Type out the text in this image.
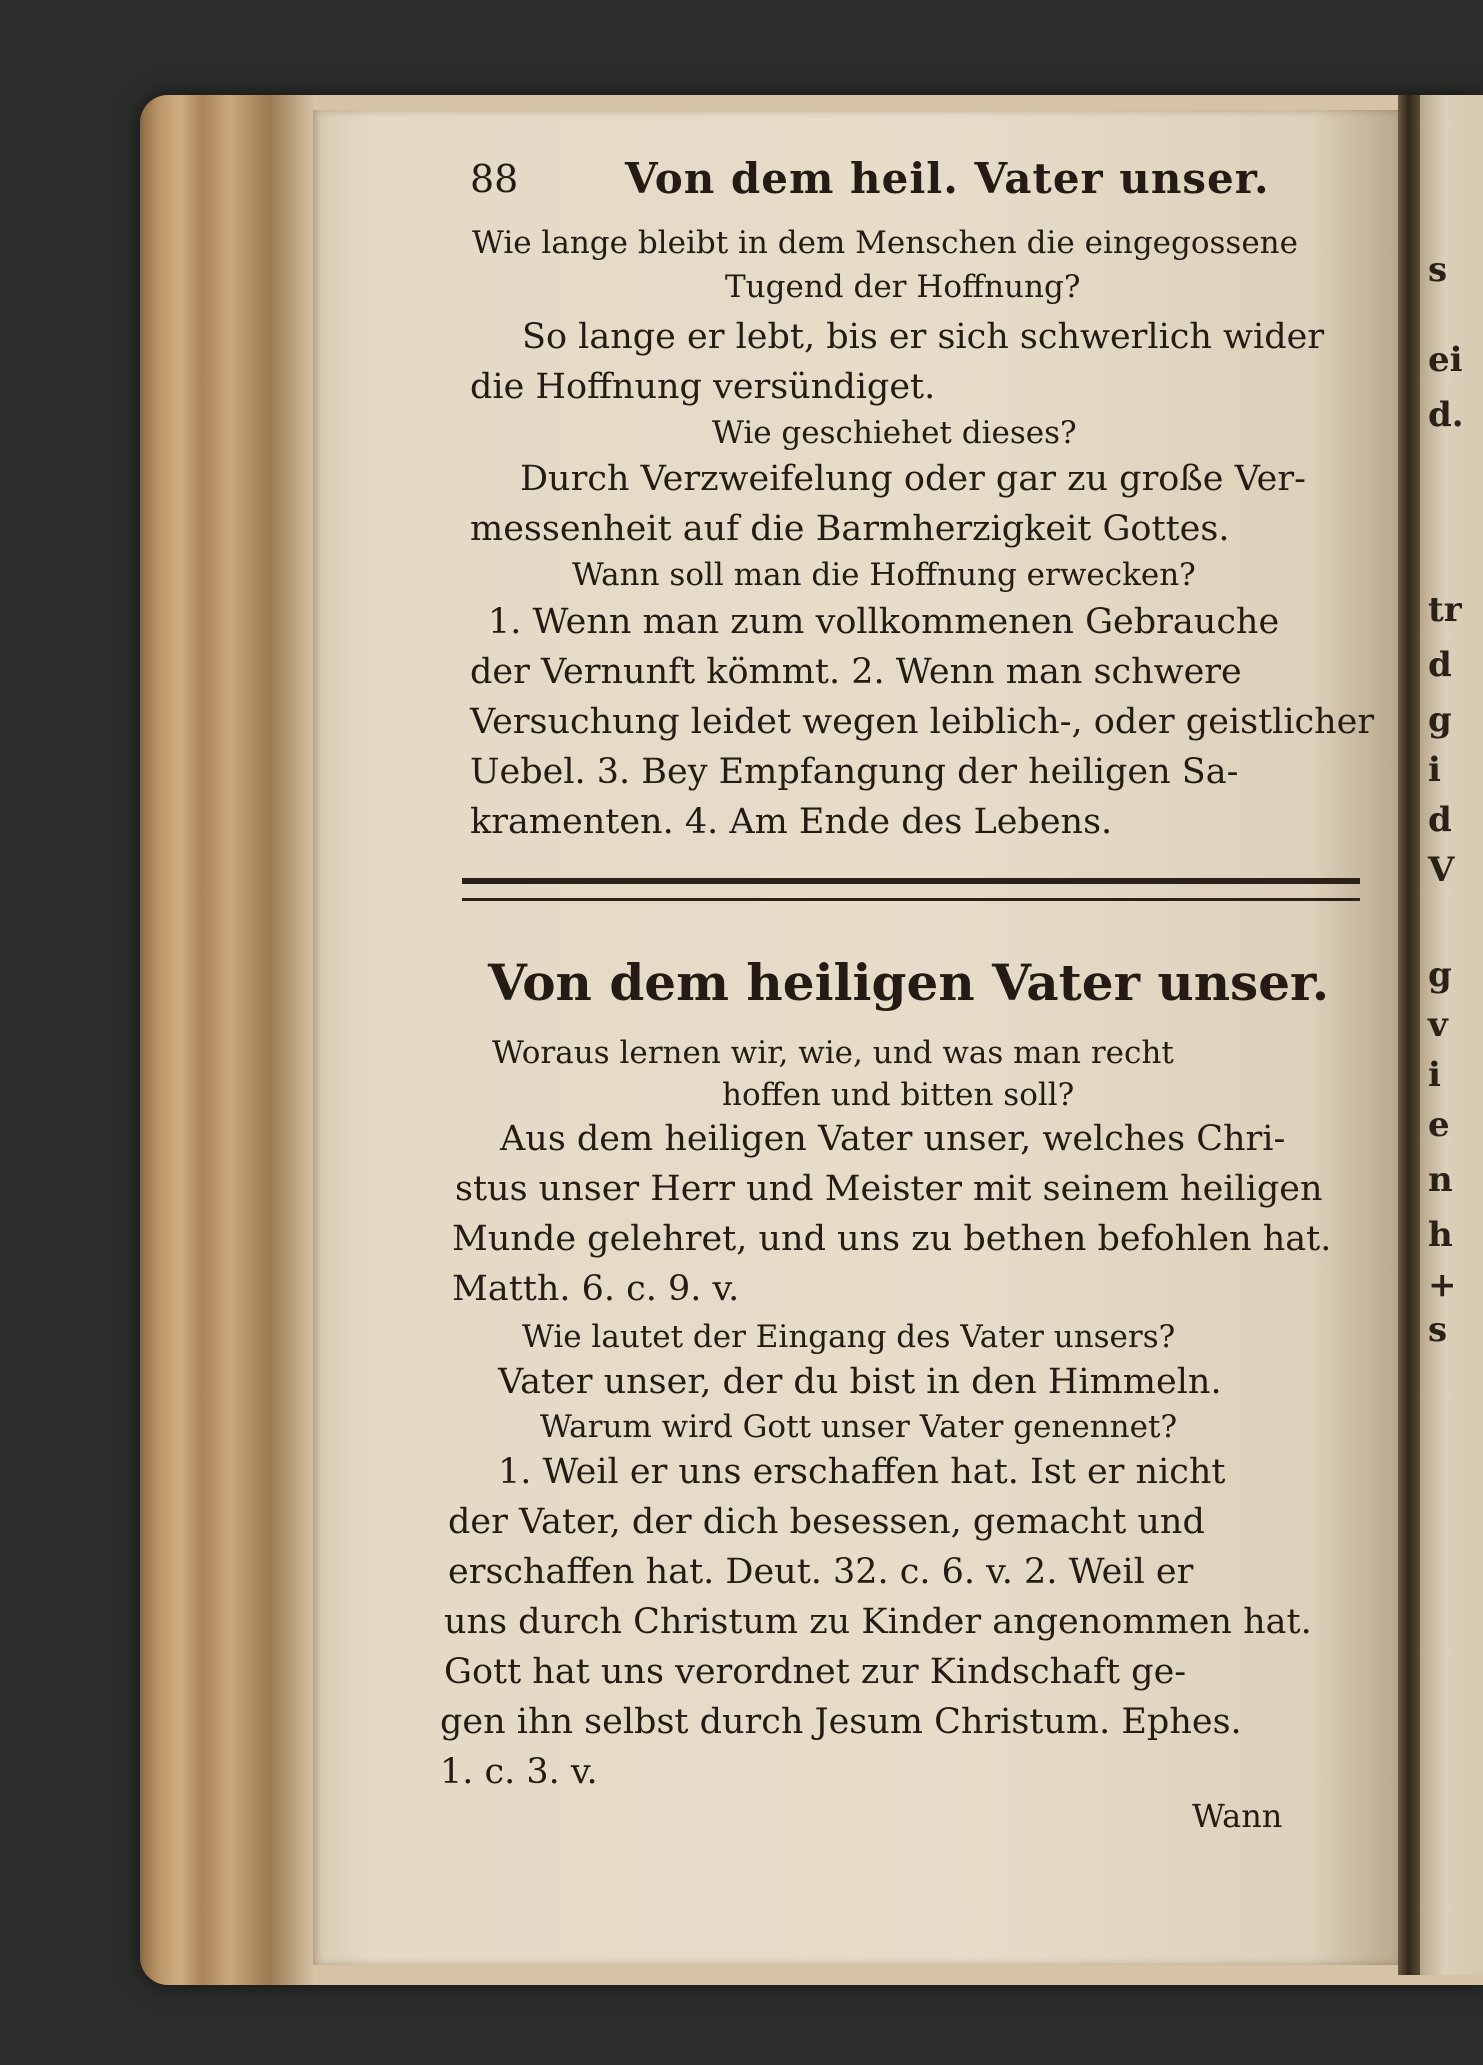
s
ei
d.
tr
d
g
i
d
V
g
v
i
e
n
h
+
s
88	Von dem heil. Vater unser.
Wie lange bleibt in dem Menschen die eingegossene
Tugend der Hoffnung?
So lange er lebt, bis er sich schwerlich wider
die Hoffnung versündiget.
Wie geschiehet dieses?
Durch Verzweifelung oder gar zu große Ver-
messenheit auf die Barmherzigkeit Gottes.
Wann soll man die Hoffnung erwecken?
1. Wenn man zum vollkommenen Gebrauche
der Vernunft kömmt. 2. Wenn man schwere
Versuchung leidet wegen leiblich-, oder geistlicher
Uebel. 3. Bey Empfangung der heiligen Sa-
kramenten. 4. Am Ende des Lebens.
Von dem heiligen Vater unser.
Woraus lernen wir, wie, und was man recht
hoffen und bitten soll?
Aus dem heiligen Vater unser, welches Chri-
stus unser Herr und Meister mit seinem heiligen
Munde gelehret, und uns zu bethen befohlen hat.
Matth. 6. c. 9. v.
Wie lautet der Eingang des Vater unsers?
Vater unser, der du bist in den Himmeln.
Warum wird Gott unser Vater genennet?
1. Weil er uns erschaffen hat. Ist er nicht
der Vater, der dich besessen, gemacht und
erschaffen hat. Deut. 32. c. 6. v. 2. Weil er
uns durch Christum zu Kinder angenommen hat.
Gott hat uns verordnet zur Kindschaft ge-
gen ihn selbst durch Jesum Christum. Ephes.
1. c. 3. v.
Wann
